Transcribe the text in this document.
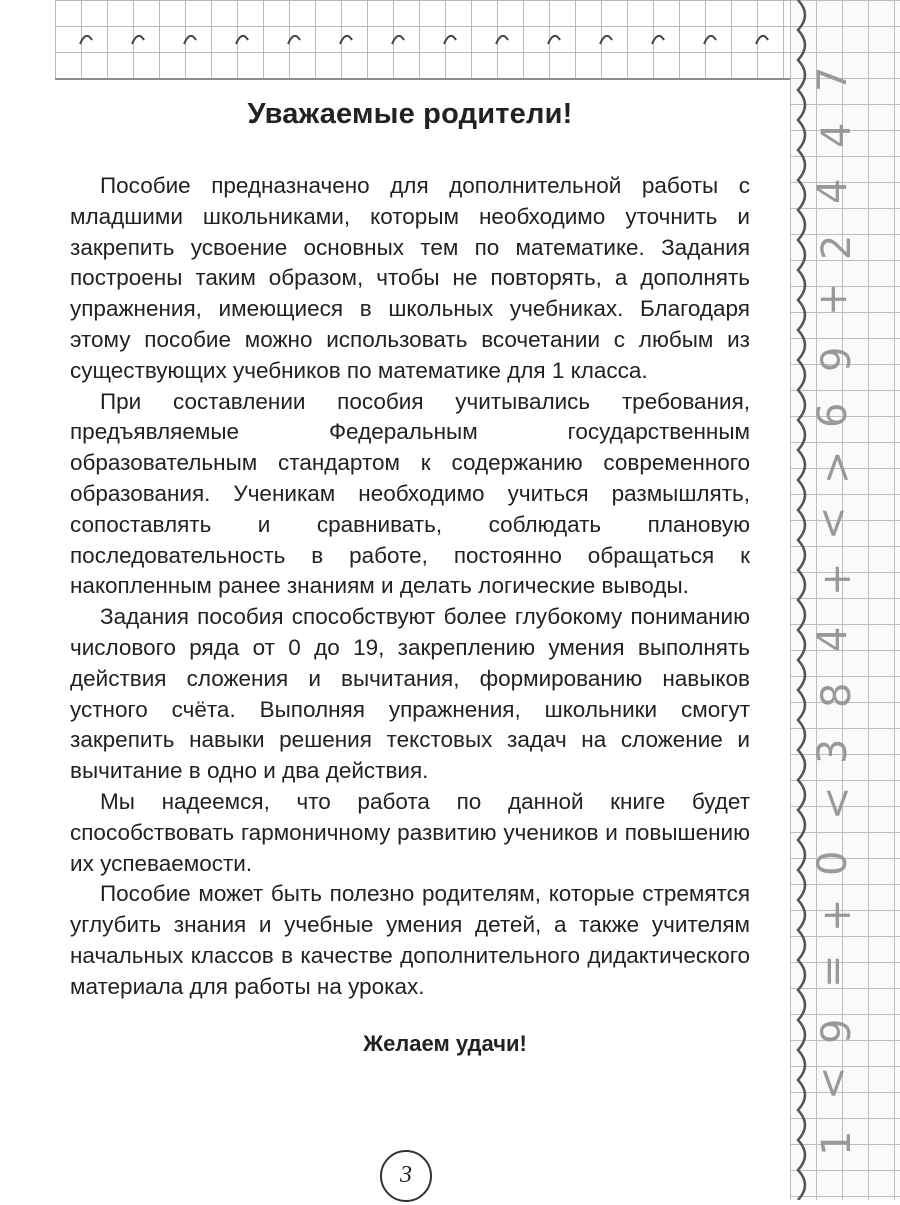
7
4
4
2
+
9
6
>
<
+
4
8
3
<
0
+
=
9
<
1
Уважаемые родители!

Пособие предназначено для дополнительной работы с младшими школьниками, которым необходимо уточнить и закрепить усвоение основных тем по математике. Задания построены таким образом, чтобы не повторять, а дополнять упражнения, имеющиеся в школьных учебниках. Благодаря этому пособие можно использовать всочетании с любым из существующих учебников по математике для 1 класса.

При составлении пособия учитывались требования, предъявляемые Федеральным государственным образовательным стандартом к содержанию современного образования. Ученикам необходимо учиться размышлять, сопоставлять и сравнивать, соблюдать плановую последовательность в работе, постоянно обращаться к накопленным ранее знаниям и делать логические выводы.

Задания пособия способствуют более глубокому пониманию числового ряда от 0 до 19, закреплению умения выполнять действия сложения и вычитания, формированию навыков устного счёта. Выполняя упражнения, школьники смогут закрепить навыки решения текстовых задач на сложение и вычитание в одно и два действия.

Мы надеемся, что работа по данной книге будет способствовать гармоничному развитию учеников и повышению их успеваемости.

Пособие может быть полезно родителям, которые стремятся углубить знания и учебные умения детей, а также учителям начальных классов в качестве дополнительного дидактического материала для работы на уроках.

Желаем удачи!
3
